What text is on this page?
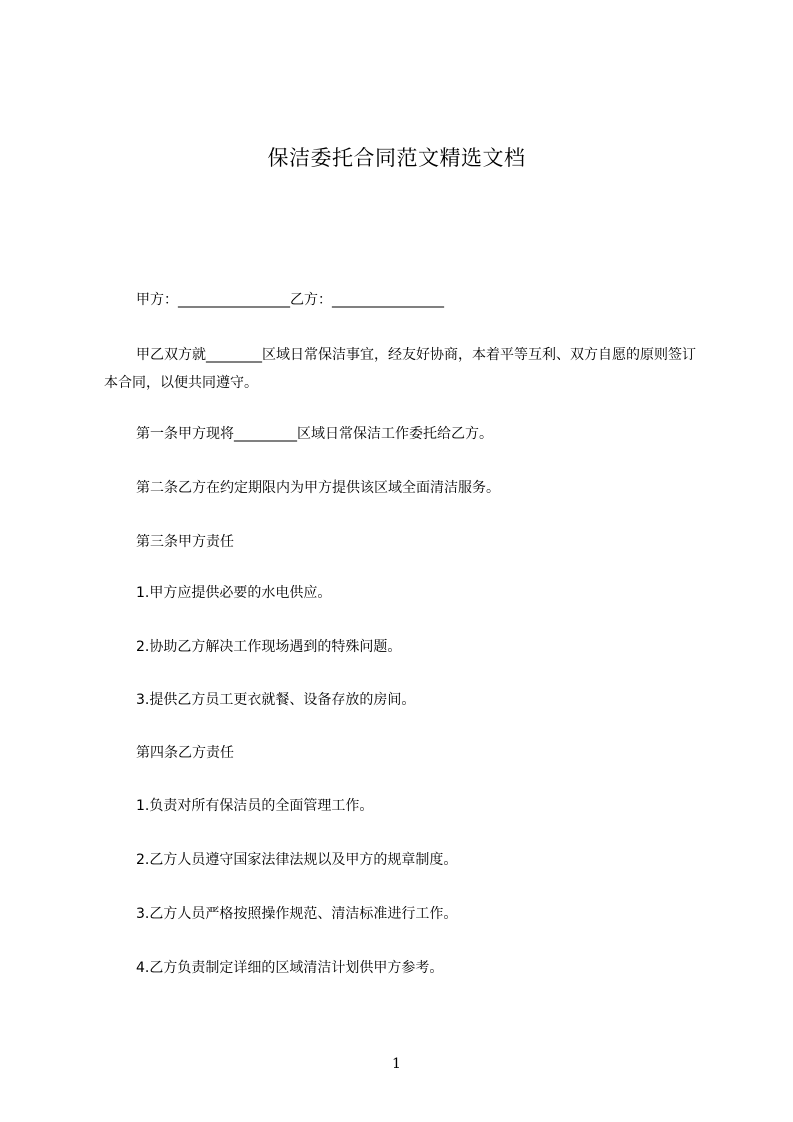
保洁委托合同范文精选文档
甲方：________________乙方：________________
甲乙双方就________区域日常保洁事宜，经友好协商，本着平等互利、双方自愿的原则签订本合同，以便共同遵守。
第一条甲方现将_________区域日常保洁工作委托给乙方。
第二条乙方在约定期限内为甲方提供该区域全面清洁服务。
第三条甲方责任
1.甲方应提供必要的水电供应。
2.协助乙方解决工作现场遇到的特殊问题。
3.提供乙方员工更衣就餐、设备存放的房间。
第四条乙方责任
1.负责对所有保洁员的全面管理工作。
2.乙方人员遵守国家法律法规以及甲方的规章制度。
3.乙方人员严格按照操作规范、清洁标准进行工作。
4.乙方负责制定详细的区域清洁计划供甲方参考。
1
